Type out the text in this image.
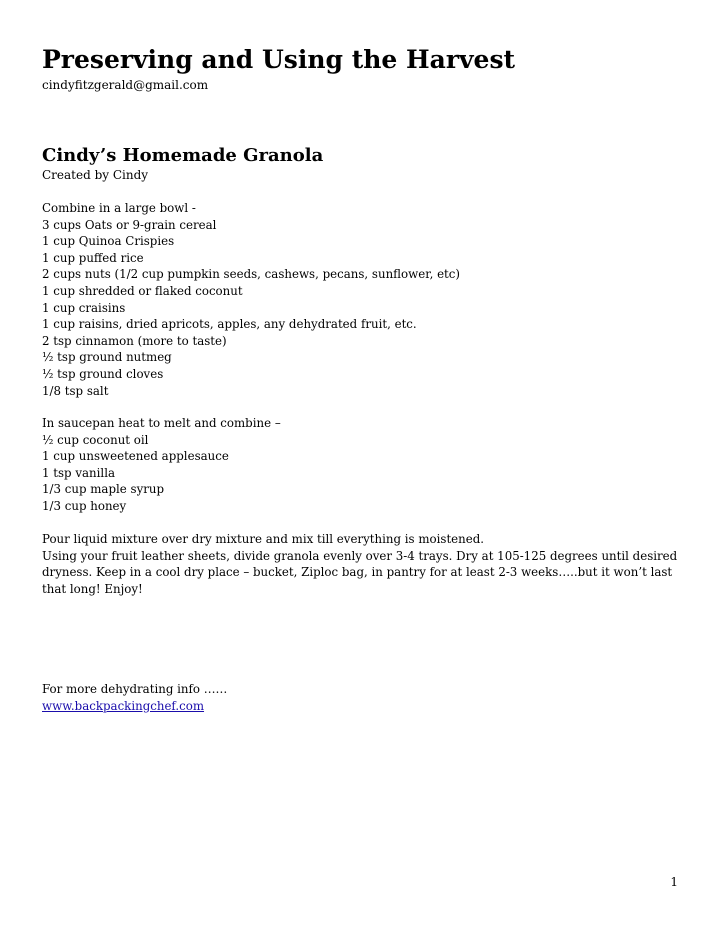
Preserving and Using the Harvest
cindyfitzgerald@gmail.com
Cindy’s Homemade Granola
Created by Cindy
Combine in a large bowl -
3 cups Oats or 9-grain cereal
1 cup Quinoa Crispies
1 cup puffed rice
2 cups nuts (1/2 cup pumpkin seeds, cashews, pecans, sunflower, etc)
1 cup shredded or flaked coconut
1 cup craisins
1 cup raisins, dried apricots, apples, any dehydrated fruit, etc.
2 tsp cinnamon (more to taste)
½ tsp ground nutmeg
½ tsp ground cloves
1/8 tsp salt
In saucepan heat to melt and combine –
½ cup coconut oil
1 cup unsweetened applesauce
1 tsp vanilla
1/3 cup maple syrup
1/3 cup honey
Pour liquid mixture over dry mixture and mix till everything is moistened.
Using your fruit leather sheets, divide granola evenly over 3-4 trays. Dry at 105-125 degrees until desired dryness. Keep in a cool dry place – bucket, Ziploc bag, in pantry for at least 2-3 weeks…..but it won’t last that long! Enjoy!
For more dehydrating info ……
www.backpackingchef.com
1
